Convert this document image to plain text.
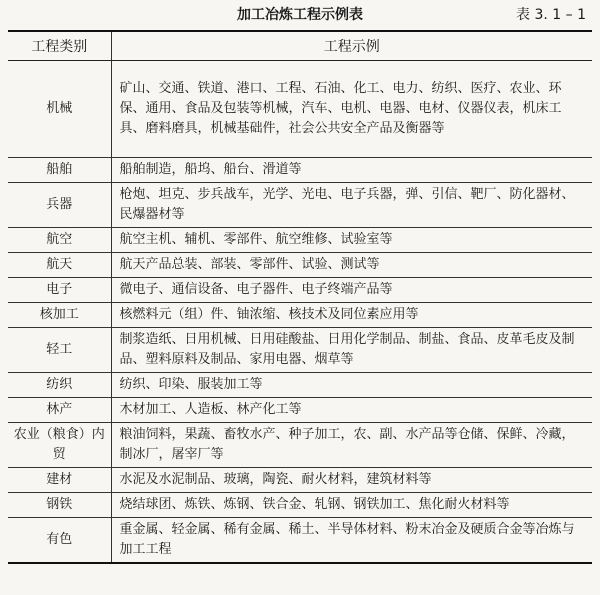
加工冶炼工程示例表	表 3. 1 – 1
工程类别	工程示例
机械	矿山、交通、铁道、港口、工程、石油、化工、电力、纺织、医疗、农业、环保、通用、食品及包装等机械，汽车、电机、电器、电材、仪器仪表，机床工具、磨料磨具，机械基础件，社会公共安全产品及衡器等
船舶	船舶制造，船坞、船台、滑道等
兵器	枪炮、坦克、步兵战车，光学、光电、电子兵器，弹、引信、靶厂、防化器材、民爆器材等
航空	航空主机、辅机、零部件、航空维修、试验室等
航天	航天产品总装、部装、零部件、试验、测试等
电子	微电子、通信设备、电子器件、电子终端产品等
核加工	核燃料元（组）件、铀浓缩、核技术及同位素应用等
轻工	制浆造纸、日用机械、日用硅酸盐、日用化学制品、制盐、食品、皮革毛皮及制品、塑料原料及制品、家用电器、烟草等
纺织	纺织、印染、服装加工等
林产	木材加工、人造板、林产化工等
农业（粮食）内贸	粮油饲料，果蔬、畜牧水产、种子加工，农、副、水产品等仓储、保鲜、冷藏，制冰厂，屠宰厂等
建材	水泥及水泥制品、玻璃，陶瓷、耐火材料，建筑材料等
钢铁	烧结球团、炼铁、炼钢、铁合金、轧钢、钢铁加工、焦化耐火材料等
有色	重金属、轻金属、稀有金属、稀土、半导体材料、粉末冶金及硬质合金等冶炼与加工工程
